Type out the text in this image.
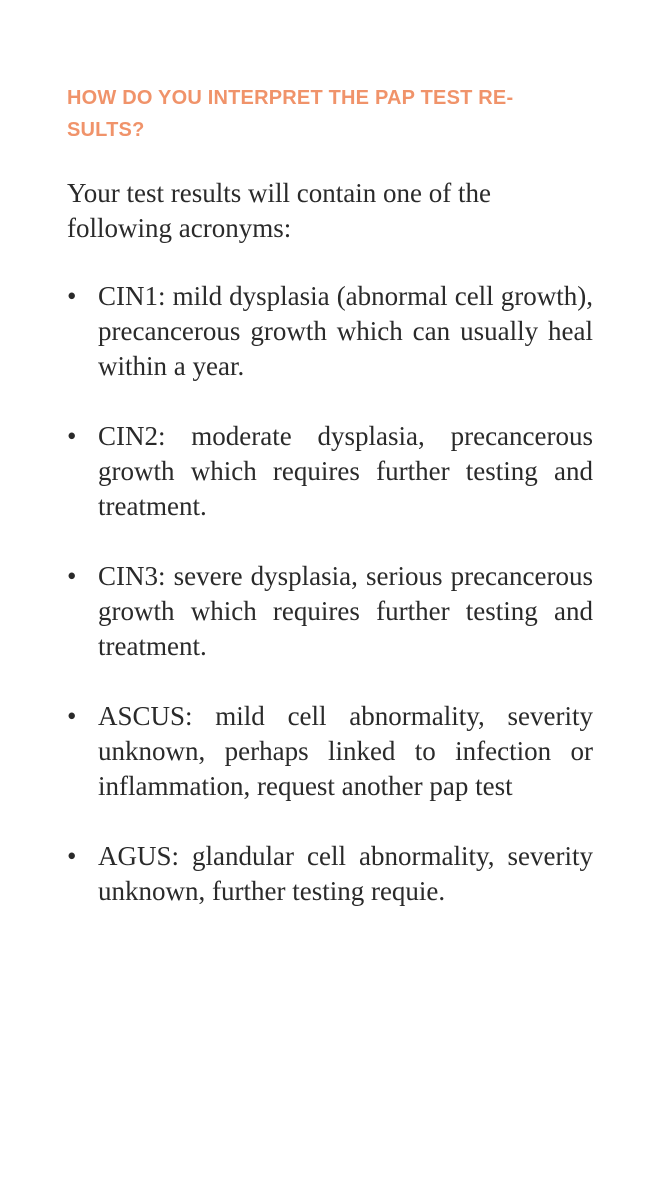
HOW DO YOU INTERPRET THE PAP TEST RE-
SULTS?

Your test results will contain one of the following acronyms:

• CIN1: mild dysplasia (abnormal cell growth), precancerous growth which can usually heal within a year.
• CIN2: moderate dysplasia, precancerous growth which requires further testing and treatment.
• CIN3: severe dysplasia, serious precancerous growth which requires further testing and treatment.
• ASCUS: mild cell abnormality, severity unknown, perhaps linked to infection or inflammation, request another pap test
• AGUS: glandular cell abnormality, severity unknown, further testing requie.
